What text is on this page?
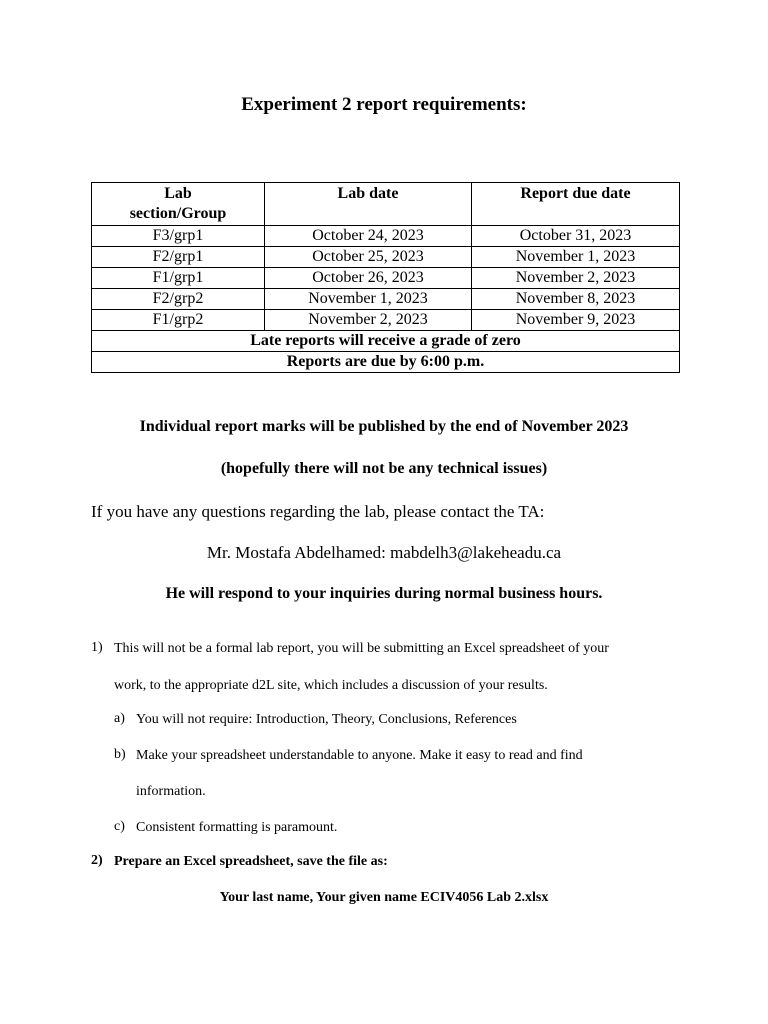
Experiment 2 report requirements:
Lab
section/Group	Lab date	Report due date
F3/grp1	October 24, 2023	October 31, 2023
F2/grp1	October 25, 2023	November 1, 2023
F1/grp1	October 26, 2023	November 2, 2023
F2/grp2	November 1, 2023	November 8, 2023
F1/grp2	November 2, 2023	November 9, 2023
Late reports will receive a grade of zero		
Reports are due by 6:00 p.m.		
Individual report marks will be published by the end of November 2023
(hopefully there will not be any technical issues)
If you have any questions regarding the lab, please contact the TA:
Mr. Mostafa Abdelhamed: mabdelh3@lakeheadu.ca
He will respond to your inquiries during normal business hours.
1) This will not be a formal lab report, you will be submitting an Excel spreadsheet of your
work, to the appropriate d2L site, which includes a discussion of your results.
a) You will not require: Introduction, Theory, Conclusions, References
b) Make your spreadsheet understandable to anyone. Make it easy to read and find
information.
c) Consistent formatting is paramount.
2) Prepare an Excel spreadsheet, save the file as:
Your last name, Your given name ECIV4056 Lab 2.xlsx
